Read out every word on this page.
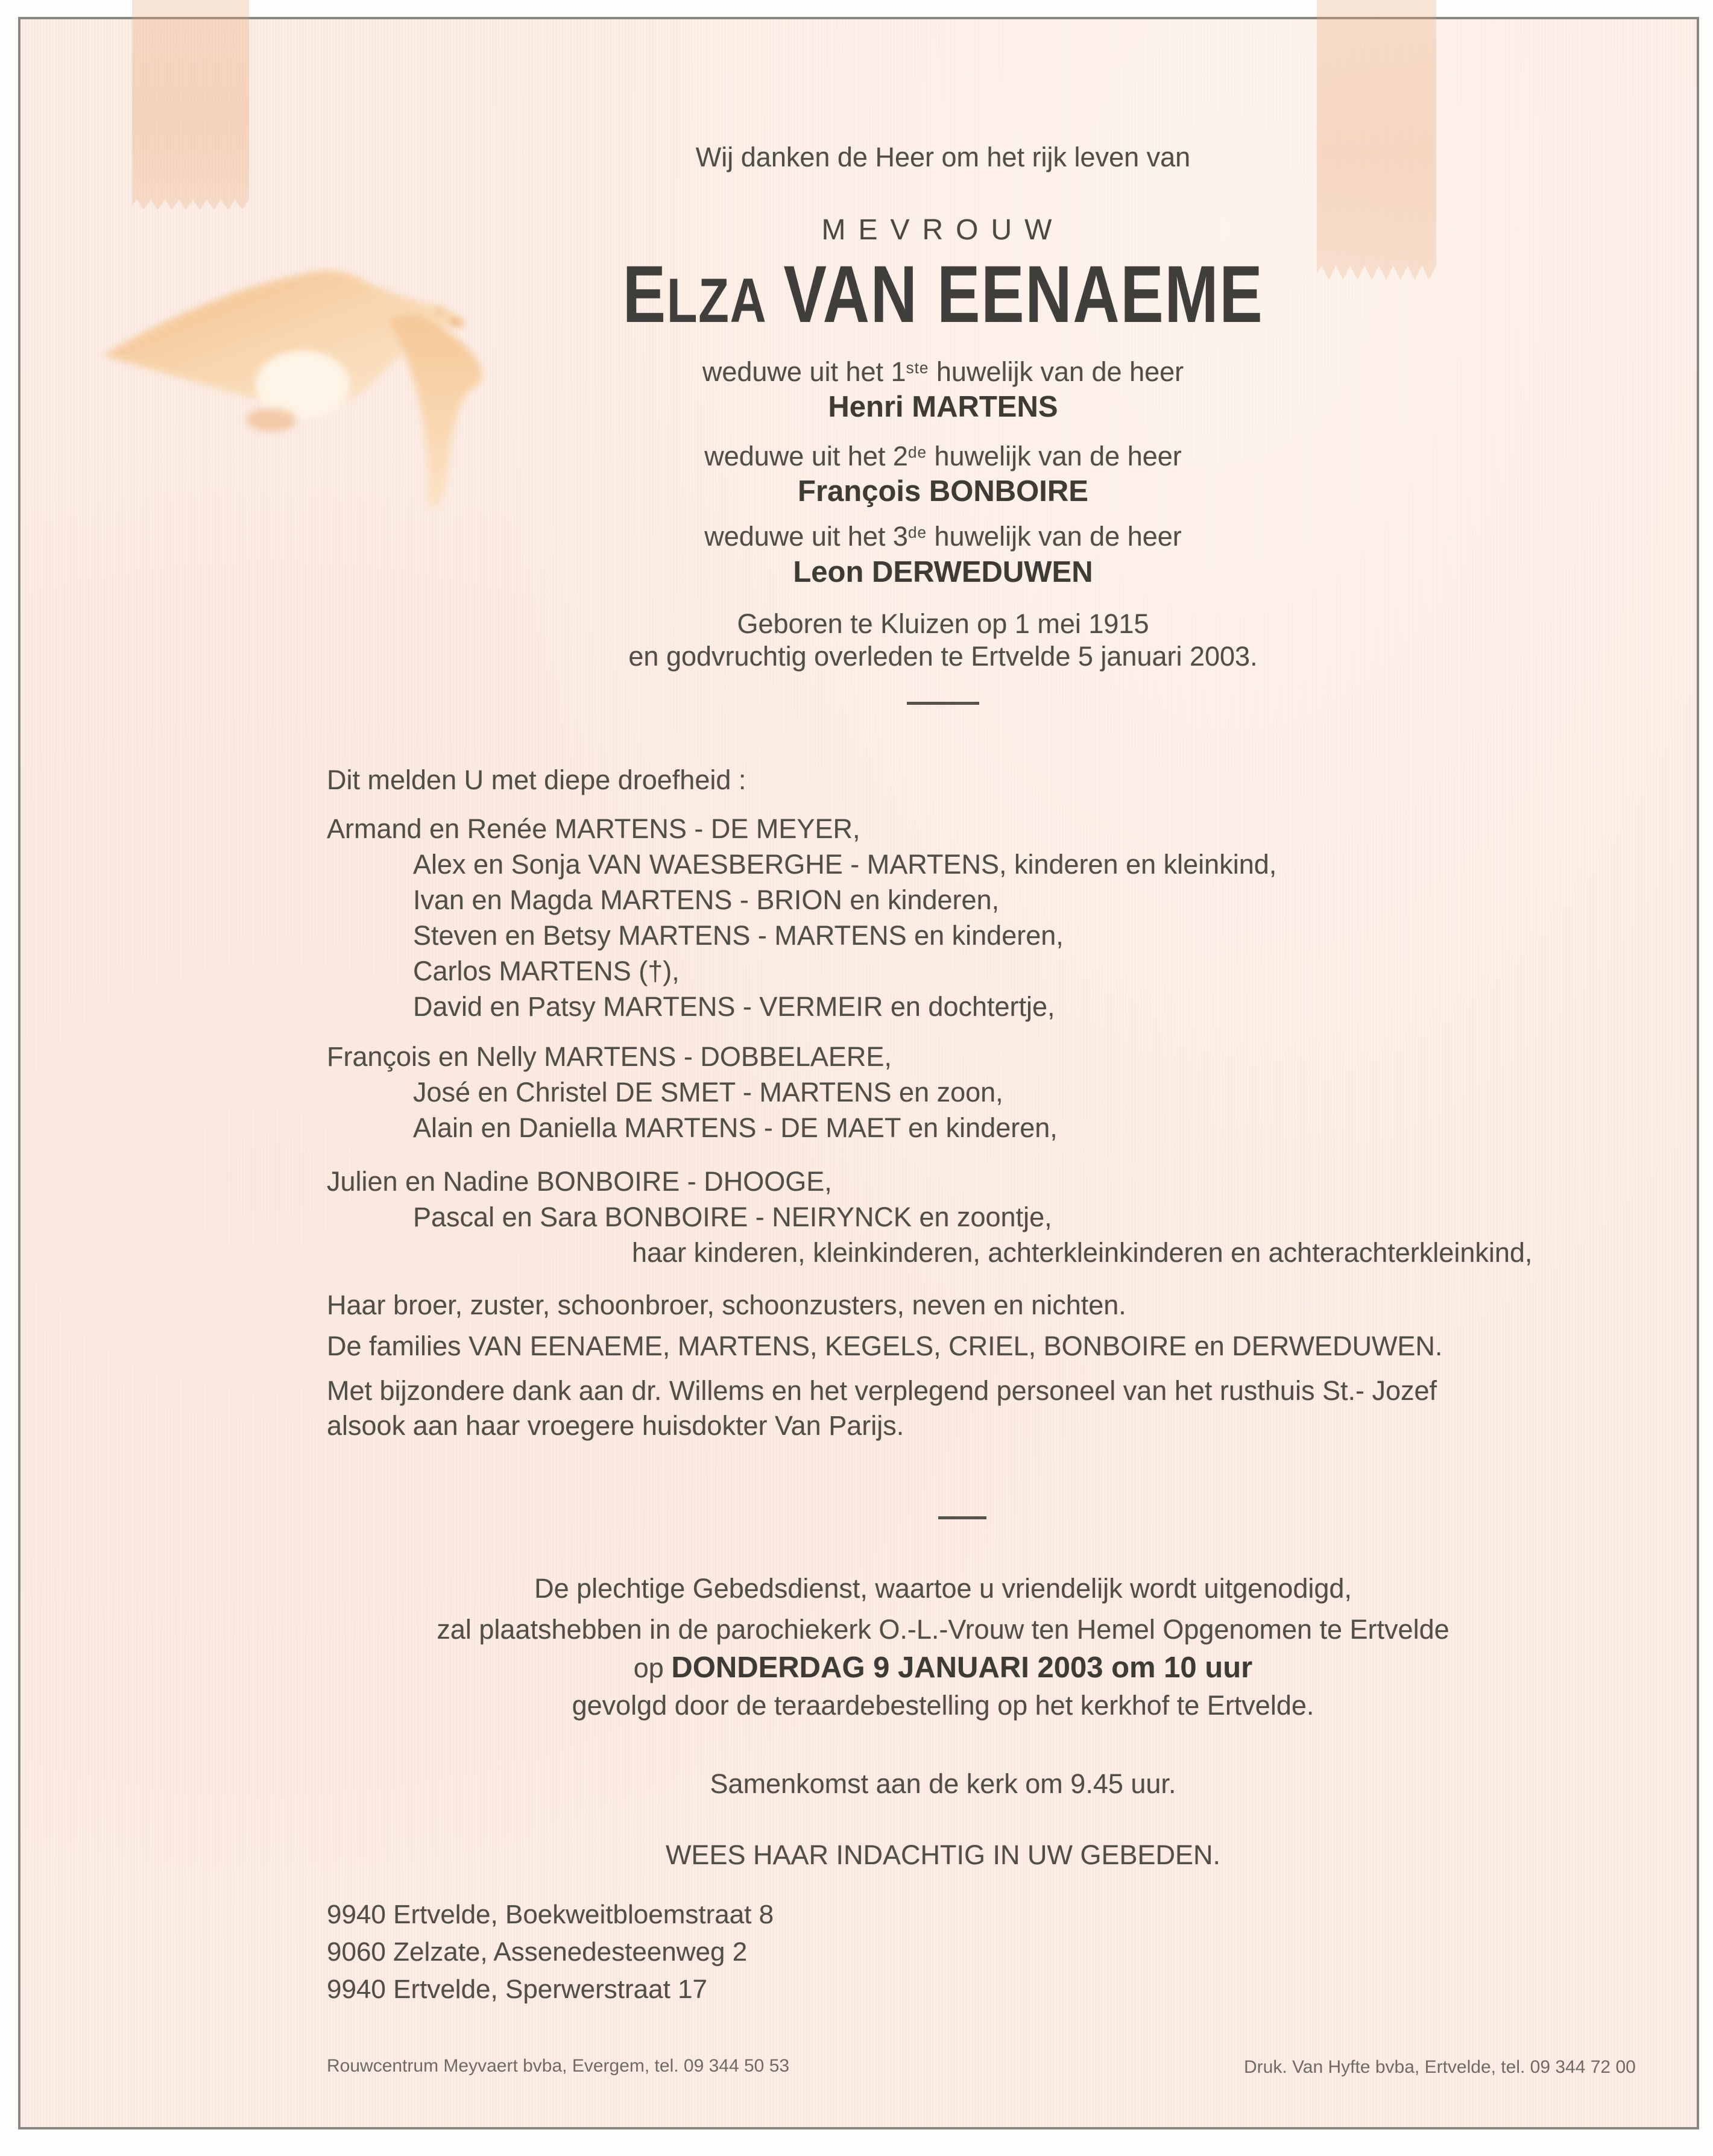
Wij danken de Heer om het rijk leven van
MEVROUW
ELZA VAN EENAEME
weduwe uit het 1ste huwelijk van de heer
Henri MARTENS
weduwe uit het 2de huwelijk van de heer
François BONBOIRE
weduwe uit het 3de huwelijk van de heer
Leon DERWEDUWEN
Geboren te Kluizen op 1 mei 1915
en godvruchtig overleden te Ertvelde 5 januari 2003.
Dit melden U met diepe droefheid :
Armand en Renée MARTENS - DE MEYER,
Alex en Sonja VAN WAESBERGHE - MARTENS, kinderen en kleinkind,
Ivan en Magda MARTENS - BRION en kinderen,
Steven en Betsy MARTENS - MARTENS en kinderen,
Carlos MARTENS (†),
David en Patsy MARTENS - VERMEIR en dochtertje,
François en Nelly MARTENS - DOBBELAERE,
José en Christel DE SMET - MARTENS en zoon,
Alain en Daniella MARTENS - DE MAET en kinderen,
Julien en Nadine BONBOIRE - DHOOGE,
Pascal en Sara BONBOIRE - NEIRYNCK en zoontje,
haar kinderen, kleinkinderen, achterkleinkinderen en achterachterkleinkind,
Haar broer, zuster, schoonbroer, schoonzusters, neven en nichten.
De families VAN EENAEME, MARTENS, KEGELS, CRIEL, BONBOIRE en DERWEDUWEN.
Met bijzondere dank aan dr. Willems en het verplegend personeel van het rusthuis St.- Jozef
alsook aan haar vroegere huisdokter Van Parijs.
De plechtige Gebedsdienst, waartoe u vriendelijk wordt uitgenodigd,
zal plaatshebben in de parochiekerk O.-L.-Vrouw ten Hemel Opgenomen te Ertvelde
op DONDERDAG 9 JANUARI 2003 om 10 uur
gevolgd door de teraardebestelling op het kerkhof te Ertvelde.
Samenkomst aan de kerk om 9.45 uur.
WEES HAAR INDACHTIG IN UW GEBEDEN.
9940 Ertvelde, Boekweitbloemstraat 8
9060 Zelzate, Assenedesteenweg 2
9940 Ertvelde, Sperwerstraat 17
Rouwcentrum Meyvaert bvba, Evergem, tel. 09 344 50 53	Druk. Van Hyfte bvba, Ertvelde, tel. 09 344 72 00
